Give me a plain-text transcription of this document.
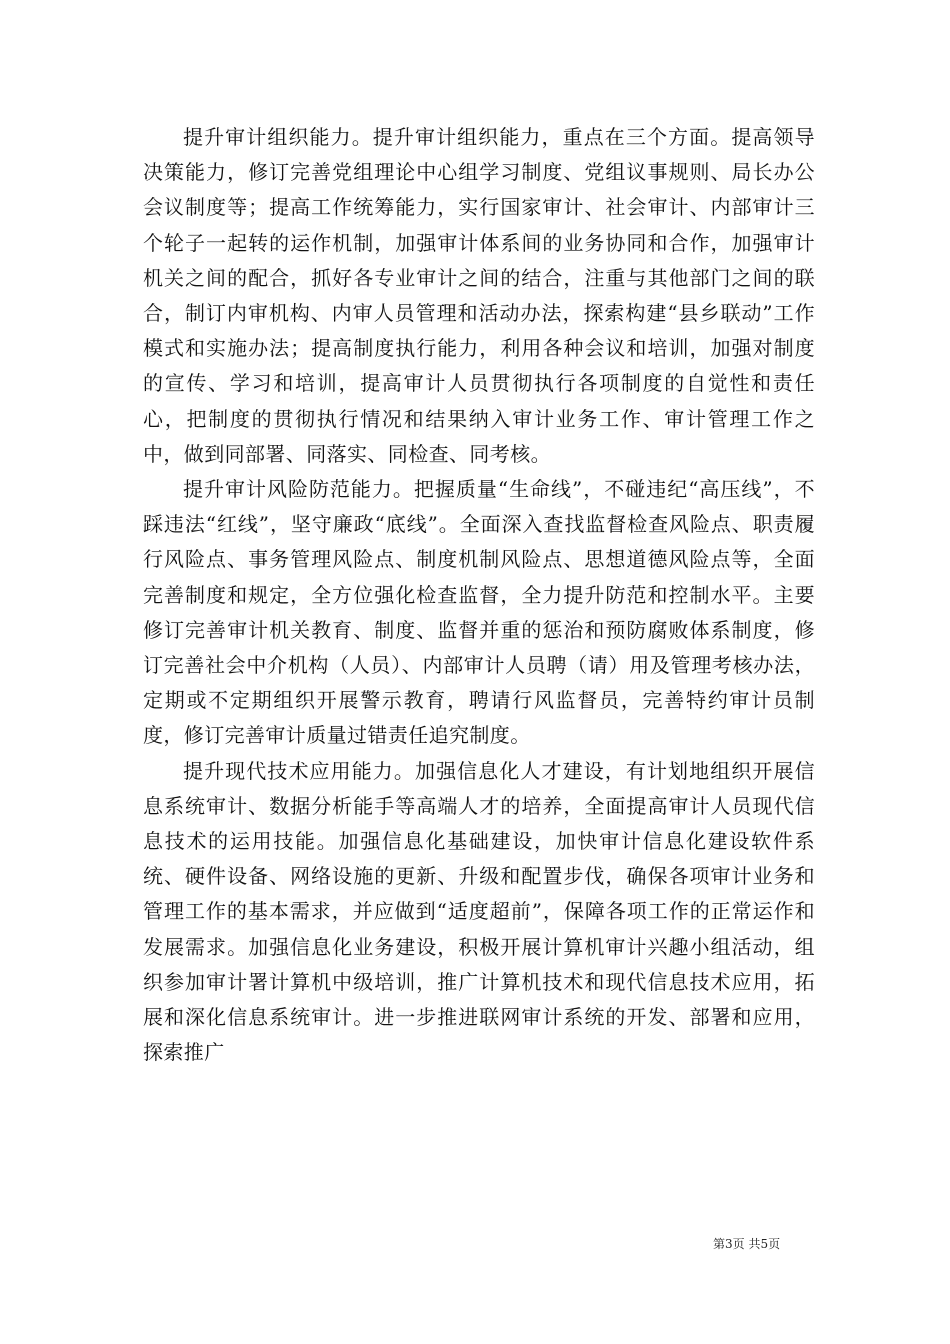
提升审计组织能力。提升审计组织能力，重点在三个方面。提高领导决策能力，修订完善党组理论中心组学习制度、党组议事规则、局长办公会议制度等；提高工作统筹能力，实行国家审计、社会审计、内部审计三个轮子一起转的运作机制，加强审计体系间的业务协同和合作，加强审计机关之间的配合，抓好各专业审计之间的结合，注重与其他部门之间的联合，制订内审机构、内审人员管理和活动办法，探索构建“县乡联动”工作模式和实施办法；提高制度执行能力，利用各种会议和培训，加强对制度的宣传、学习和培训，提高审计人员贯彻执行各项制度的自觉性和责任心，把制度的贯彻执行情况和结果纳入审计业务工作、审计管理工作之中，做到同部署、同落实、同检查、同考核。

提升审计风险防范能力。把握质量“生命线”，不碰违纪“高压线”，不踩违法“红线”，坚守廉政“底线”。全面深入查找监督检查风险点、职责履行风险点、事务管理风险点、制度机制风险点、思想道德风险点等，全面完善制度和规定，全方位强化检查监督，全力提升防范和控制水平。主要修订完善审计机关教育、制度、监督并重的惩治和预防腐败体系制度，修订完善社会中介机构（人员）、内部审计人员聘（请）用及管理考核办法，定期或不定期组织开展警示教育，聘请行风监督员，完善特约审计员制度，修订完善审计质量过错责任追究制度。

提升现代技术应用能力。加强信息化人才建设，有计划地组织开展信息系统审计、数据分析能手等高端人才的培养，全面提高审计人员现代信息技术的运用技能。加强信息化基础建设，加快审计信息化建设软件系统、硬件设备、网络设施的更新、升级和配置步伐，确保各项审计业务和管理工作的基本需求，并应做到“适度超前”，保障各项工作的正常运作和发展需求。加强信息化业务建设，积极开展计算机审计兴趣小组活动，组织参加审计署计算机中级培训，推广计算机技术和现代信息技术应用，拓展和深化信息系统审计。进一步推进联网审计系统的开发、部署和应用，探索推广

第3页 共5页
